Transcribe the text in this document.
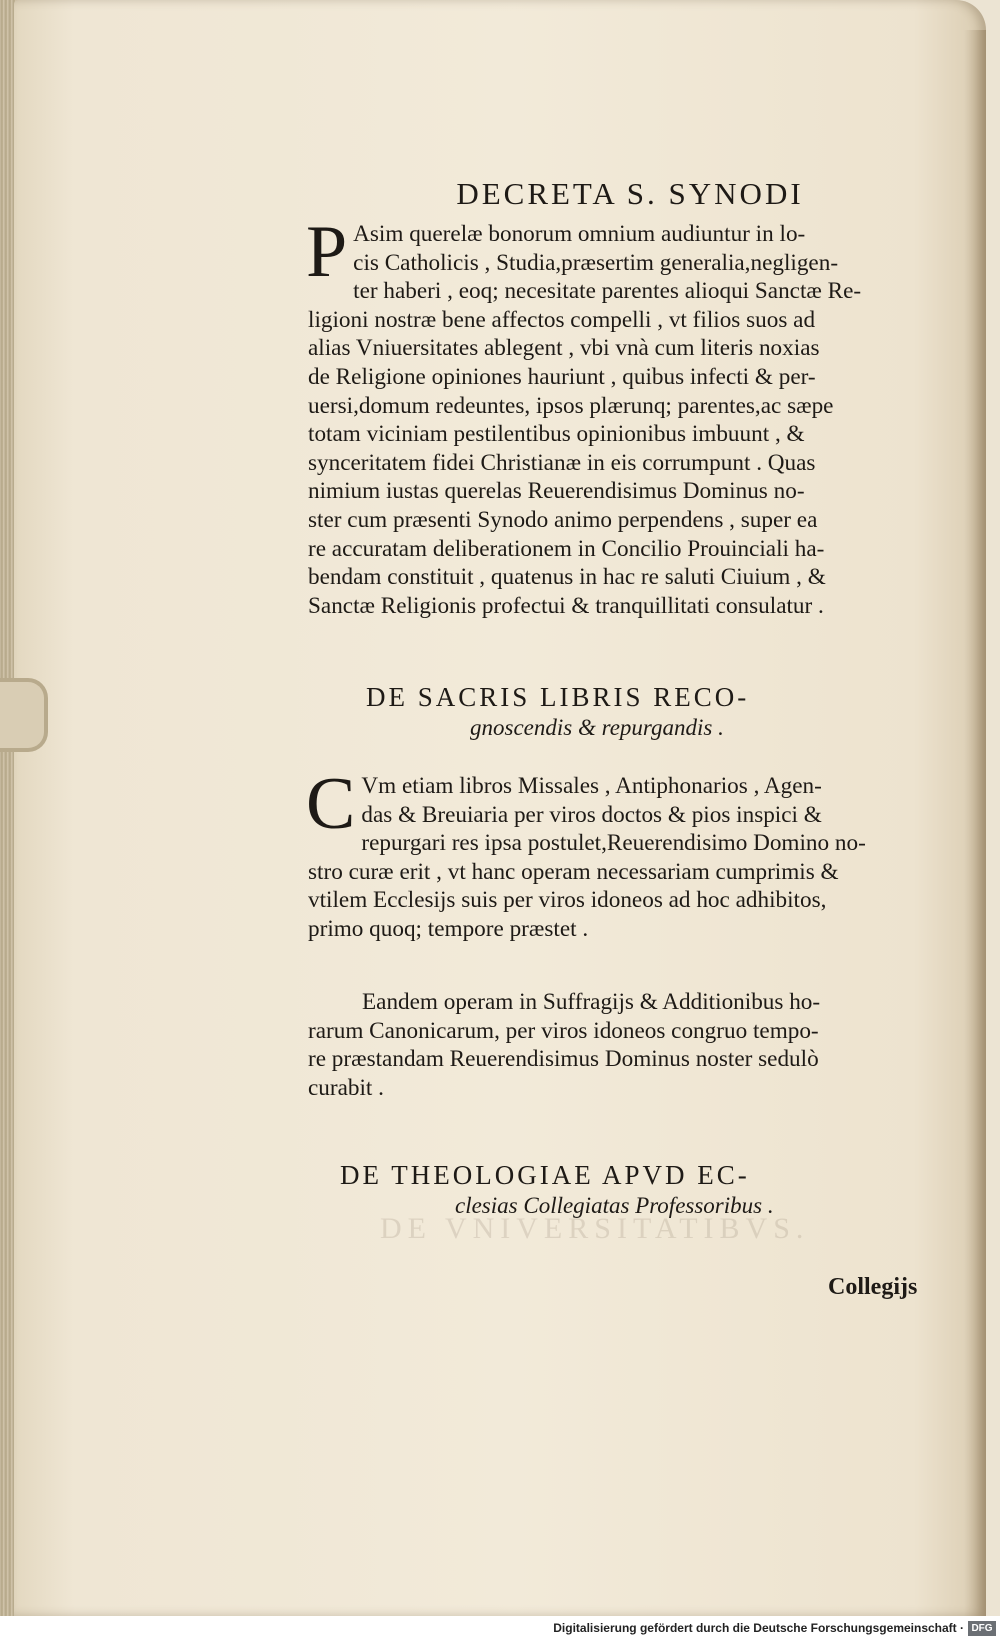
DE VNIVERSITATIBVS.
DECRETA S. SYNODI
P Asim querelæ bonorum omnium audiuntur in lo-
cis Catholicis , Studia,præsertim generalia,negligen-
ter haberi , eoq; necesitate parentes alioqui Sanctæ Re-
ligioni nostræ bene affectos compelli , vt filios suos ad
alias Vniuersitates ablegent , vbi vnà cum literis noxias
de Religione opiniones hauriunt , quibus infecti & per-
uersi,domum redeuntes, ipsos plærunq; parentes,ac sæpe
totam viciniam pestilentibus opinionibus imbuunt , &
synceritatem fidei Christianæ in eis corrumpunt . Quas
nimium iustas querelas Reuerendisimus Dominus no-
ster cum præsenti Synodo animo perpendens , super ea
re accuratam deliberationem in Concilio Prouinciali ha-
bendam constituit , quatenus in hac re saluti Ciuium , &
Sanctæ Religionis profectui & tranquillitati consulatur .
DE SACRIS LIBRIS RECO-
gnoscendis & repurgandis .
C Vm etiam libros Missales , Antiphonarios , Agen-
das & Breuiaria per viros doctos & pios inspici &
repurgari res ipsa postulet,Reuerendisimo Domino no-
stro curæ erit , vt hanc operam necessariam cumprimis &
vtilem Ecclesijs suis per viros idoneos ad hoc adhibitos,
primo quoq; tempore præstet .
Eandem operam in Suffragijs & Additionibus ho-
rarum Canonicarum, per viros idoneos congruo tempo-
re præstandam Reuerendisimus Dominus noster sedulò
curabit .
DE THEOLOGIAE APVD EC-
clesias Collegiatas Professoribus .
Collegijs
Digitalisierung gefördert durch die Deutsche Forschungsgemeinschaft · DFG
